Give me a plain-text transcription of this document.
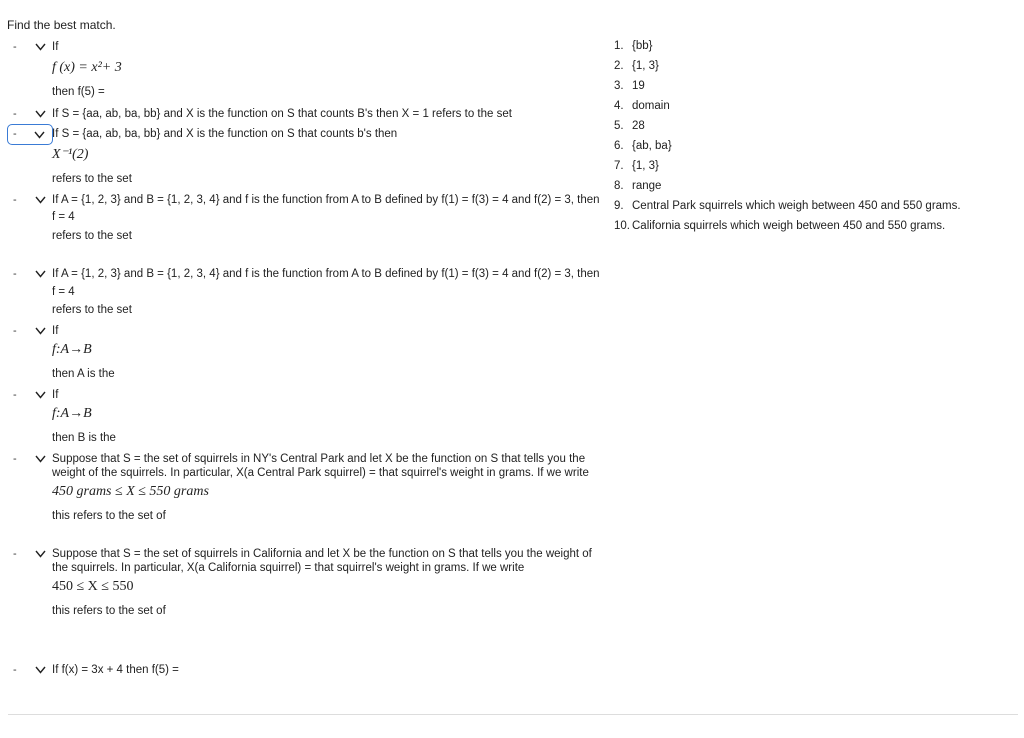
Find the best match.
-	If
f (x) = x²+ 3
then f(5) =
-	If S = {aa, ab, ba, bb} and X is the function on S that counts B's then X = 1 refers to the set
-	If S = {aa, ab, ba, bb} and X is the function on S that counts b's then
X⁻¹(2)
refers to the set
-	If A = {1, 2, 3} and B = {1, 2, 3, 4} and f is the function from A to B defined by f(1) = f(3) = 4 and f(2) = 3, then
f = 4
refers to the set
-	If A = {1, 2, 3} and B = {1, 2, 3, 4} and f is the function from A to B defined by f(1) = f(3) = 4 and f(2) = 3, then
f = 4
refers to the set
-	If
f:A→B
then A is the
-	If
f:A→B
then B is the
-	Suppose that S = the set of squirrels in NY's Central Park and let X be the function on S that tells you the
weight of the squirrels. In particular, X(a Central Park squirrel) = that squirrel's weight in grams. If we write
450 grams ≤ X ≤ 550 grams
this refers to the set of
-	Suppose that S = the set of squirrels in California and let X be the function on S that tells you the weight of
the squirrels. In particular, X(a California squirrel) = that squirrel's weight in grams. If we write
450 ≤ X ≤ 550
this refers to the set of
-	If f(x) = 3x + 4 then f(5) =
1. {bb}
2. {1, 3}
3. 19
4. domain
5. 28
6. {ab, ba}
7. {1, 3}
8. range
9. Central Park squirrels which weigh between 450 and 550 grams.
10. California squirrels which weigh between 450 and 550 grams.
